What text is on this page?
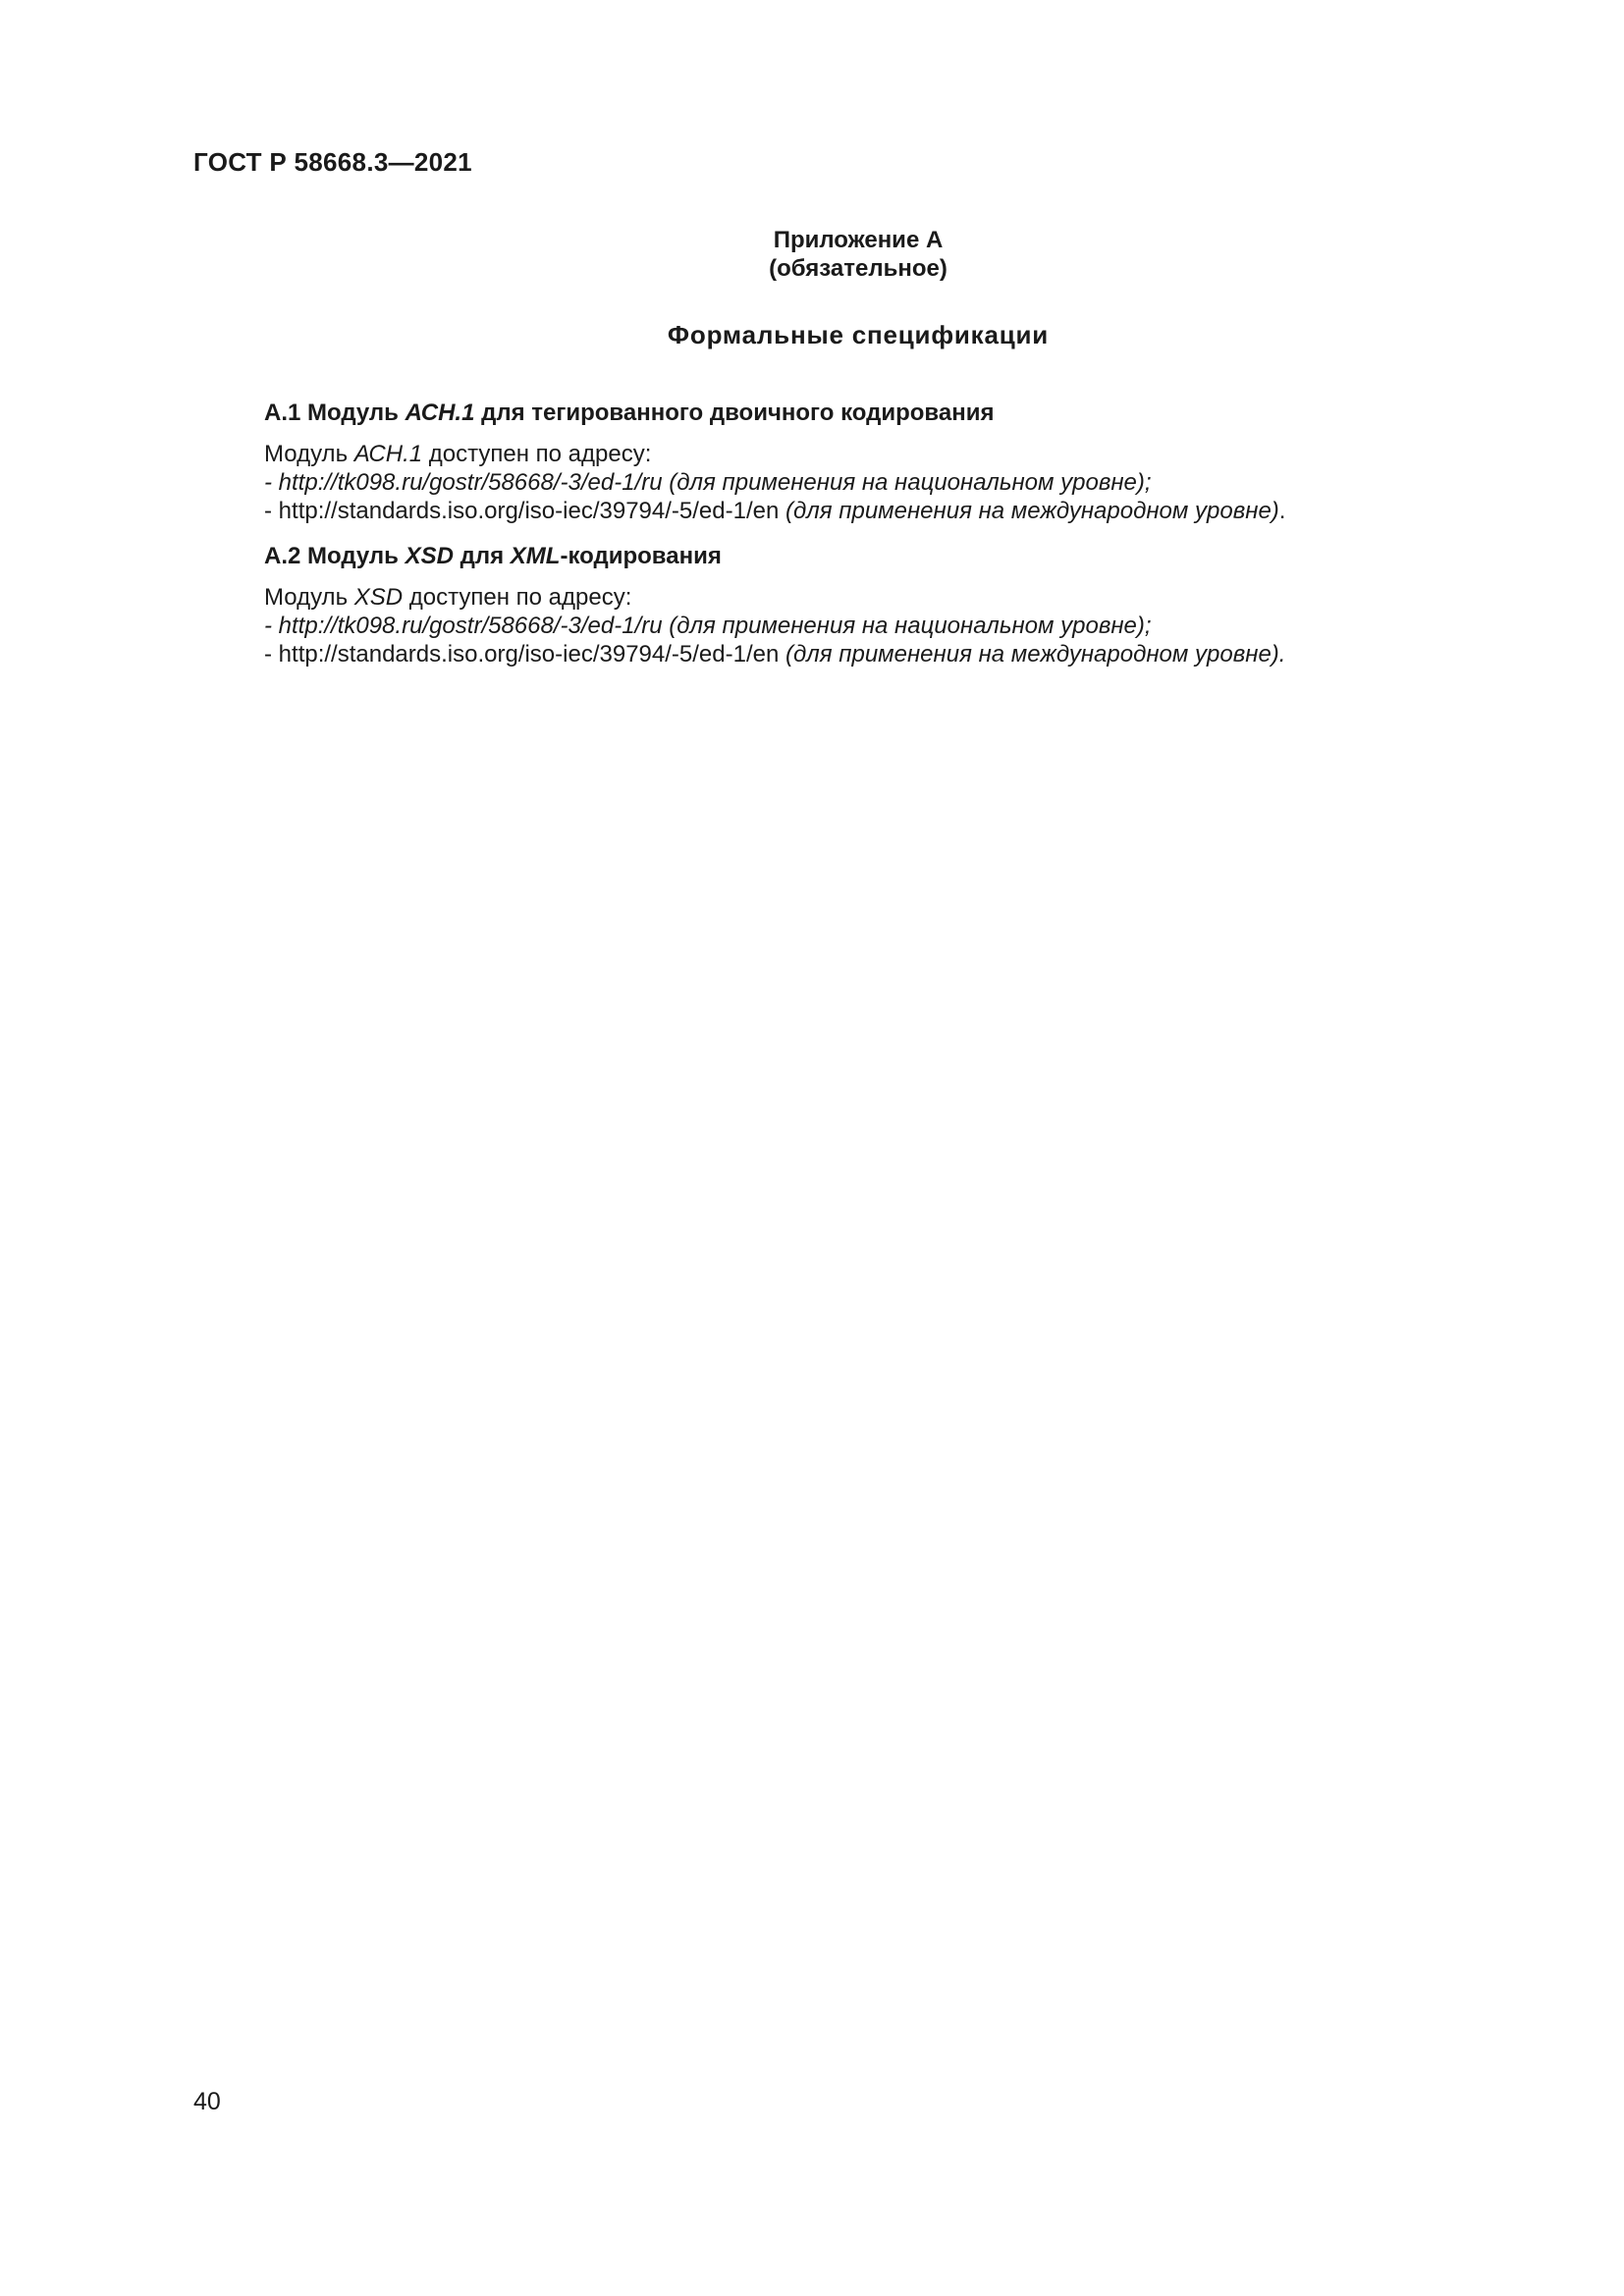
ГОСТ Р 58668.3—2021
Приложение А
(обязательное)
Формальные спецификации
А.1 Модуль АСН.1 для тегированного двоичного кодирования

Модуль АСН.1 доступен по адресу:

- http://tk098.ru/gostr/58668/-3/ed-1/ru (для применения на национальном уровне);

- http://standards.iso.org/iso-iec/39794/-5/ed-1/en (для применения на международном уровне).

А.2 Модуль XSD для XML-кодирования

Модуль XSD доступен по адресу:

- http://tk098.ru/gostr/58668/-3/ed-1/ru (для применения на национальном уровне);

- http://standards.iso.org/iso-iec/39794/-5/ed-1/en (для применения на международном уровне).

40
